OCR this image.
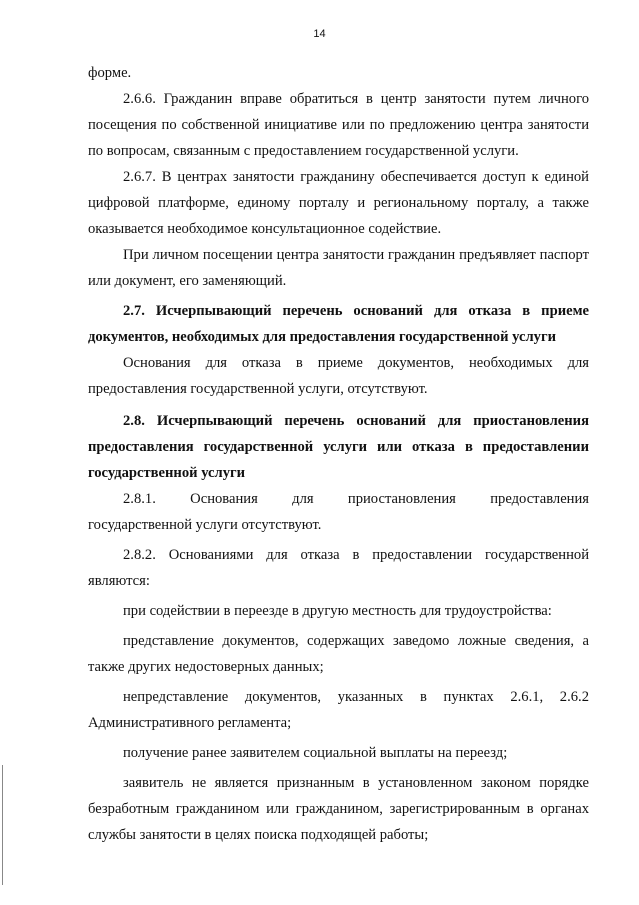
14

форме.

2.6.6. Гражданин вправе обратиться в центр занятости путем личного посещения по собственной инициативе или по предложению центра занятости по вопросам, связанным с предоставлением государственной услуги.

2.6.7. В центрах занятости гражданину обеспечивается доступ к единой цифровой платформе, единому порталу и региональному порталу, а также оказывается необходимое консультационное содействие.

При личном посещении центра занятости гражданин предъявляет паспорт или документ, его заменяющий.

2.7. Исчерпывающий перечень оснований для отказа в приеме документов, необходимых для предоставления государственной услуги

Основания для отказа в приеме документов, необходимых для предоставления государственной услуги, отсутствуют.

2.8. Исчерпывающий перечень оснований для приостановления предоставления государственной услуги или отказа в предоставлении государственной услуги

2.8.1. Основания для приостановления предоставления

государственной услуги отсутствуют.

2.8.2. Основаниями для отказа в предоставлении государственной являются:

при содействии в переезде в другую местность для трудоустройства:

представление документов, содержащих заведомо ложные сведения, а также других недостоверных данных;

непредставление документов, указанных в пунктах 2.6.1, 2.6.2 Административного регламента;

получение ранее заявителем социальной выплаты на переезд;

заявитель не является признанным в установленном законом порядке безработным гражданином или гражданином, зарегистрированным в органах службы занятости в целях поиска подходящей работы;
